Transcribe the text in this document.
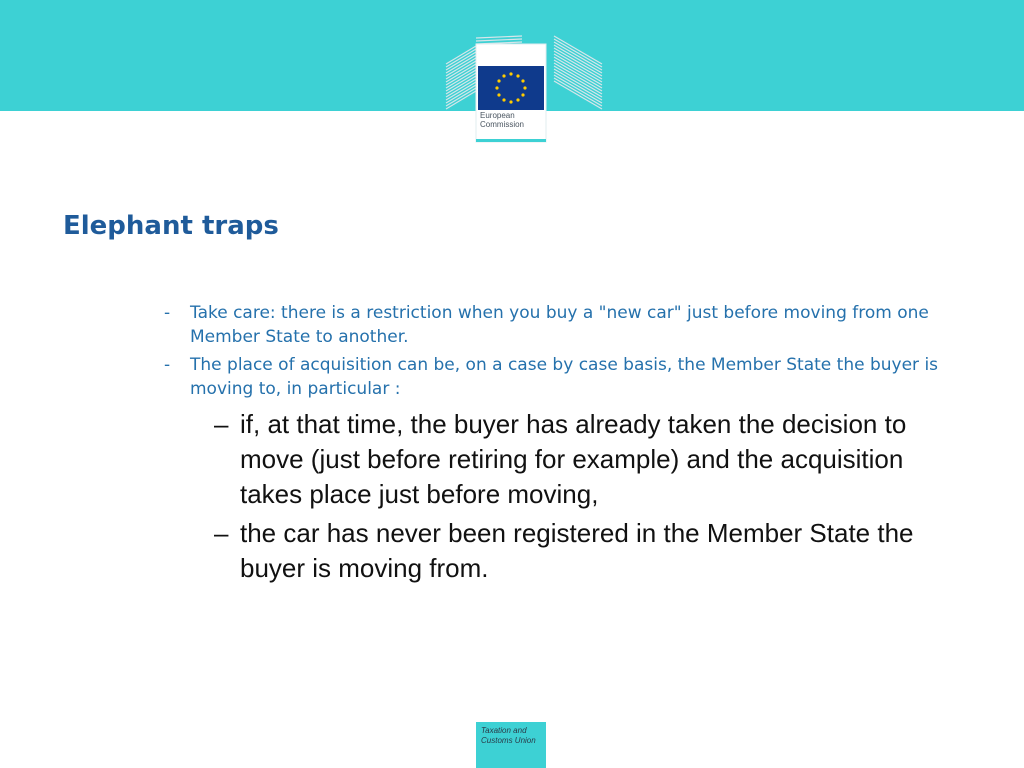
European
Commission
Elephant traps
- Take care: there is a restriction when you buy a "new car" just before moving from one Member State to another.
- The place of acquisition can be, on a case by case basis, the Member State the buyer is moving to, in particular :
– if, at that time, the buyer has already taken the decision to move (just before retiring for example) and the acquisition takes place just before moving,
– the car has never been registered in the Member State the buyer is moving from.
Taxation and
Customs Union
